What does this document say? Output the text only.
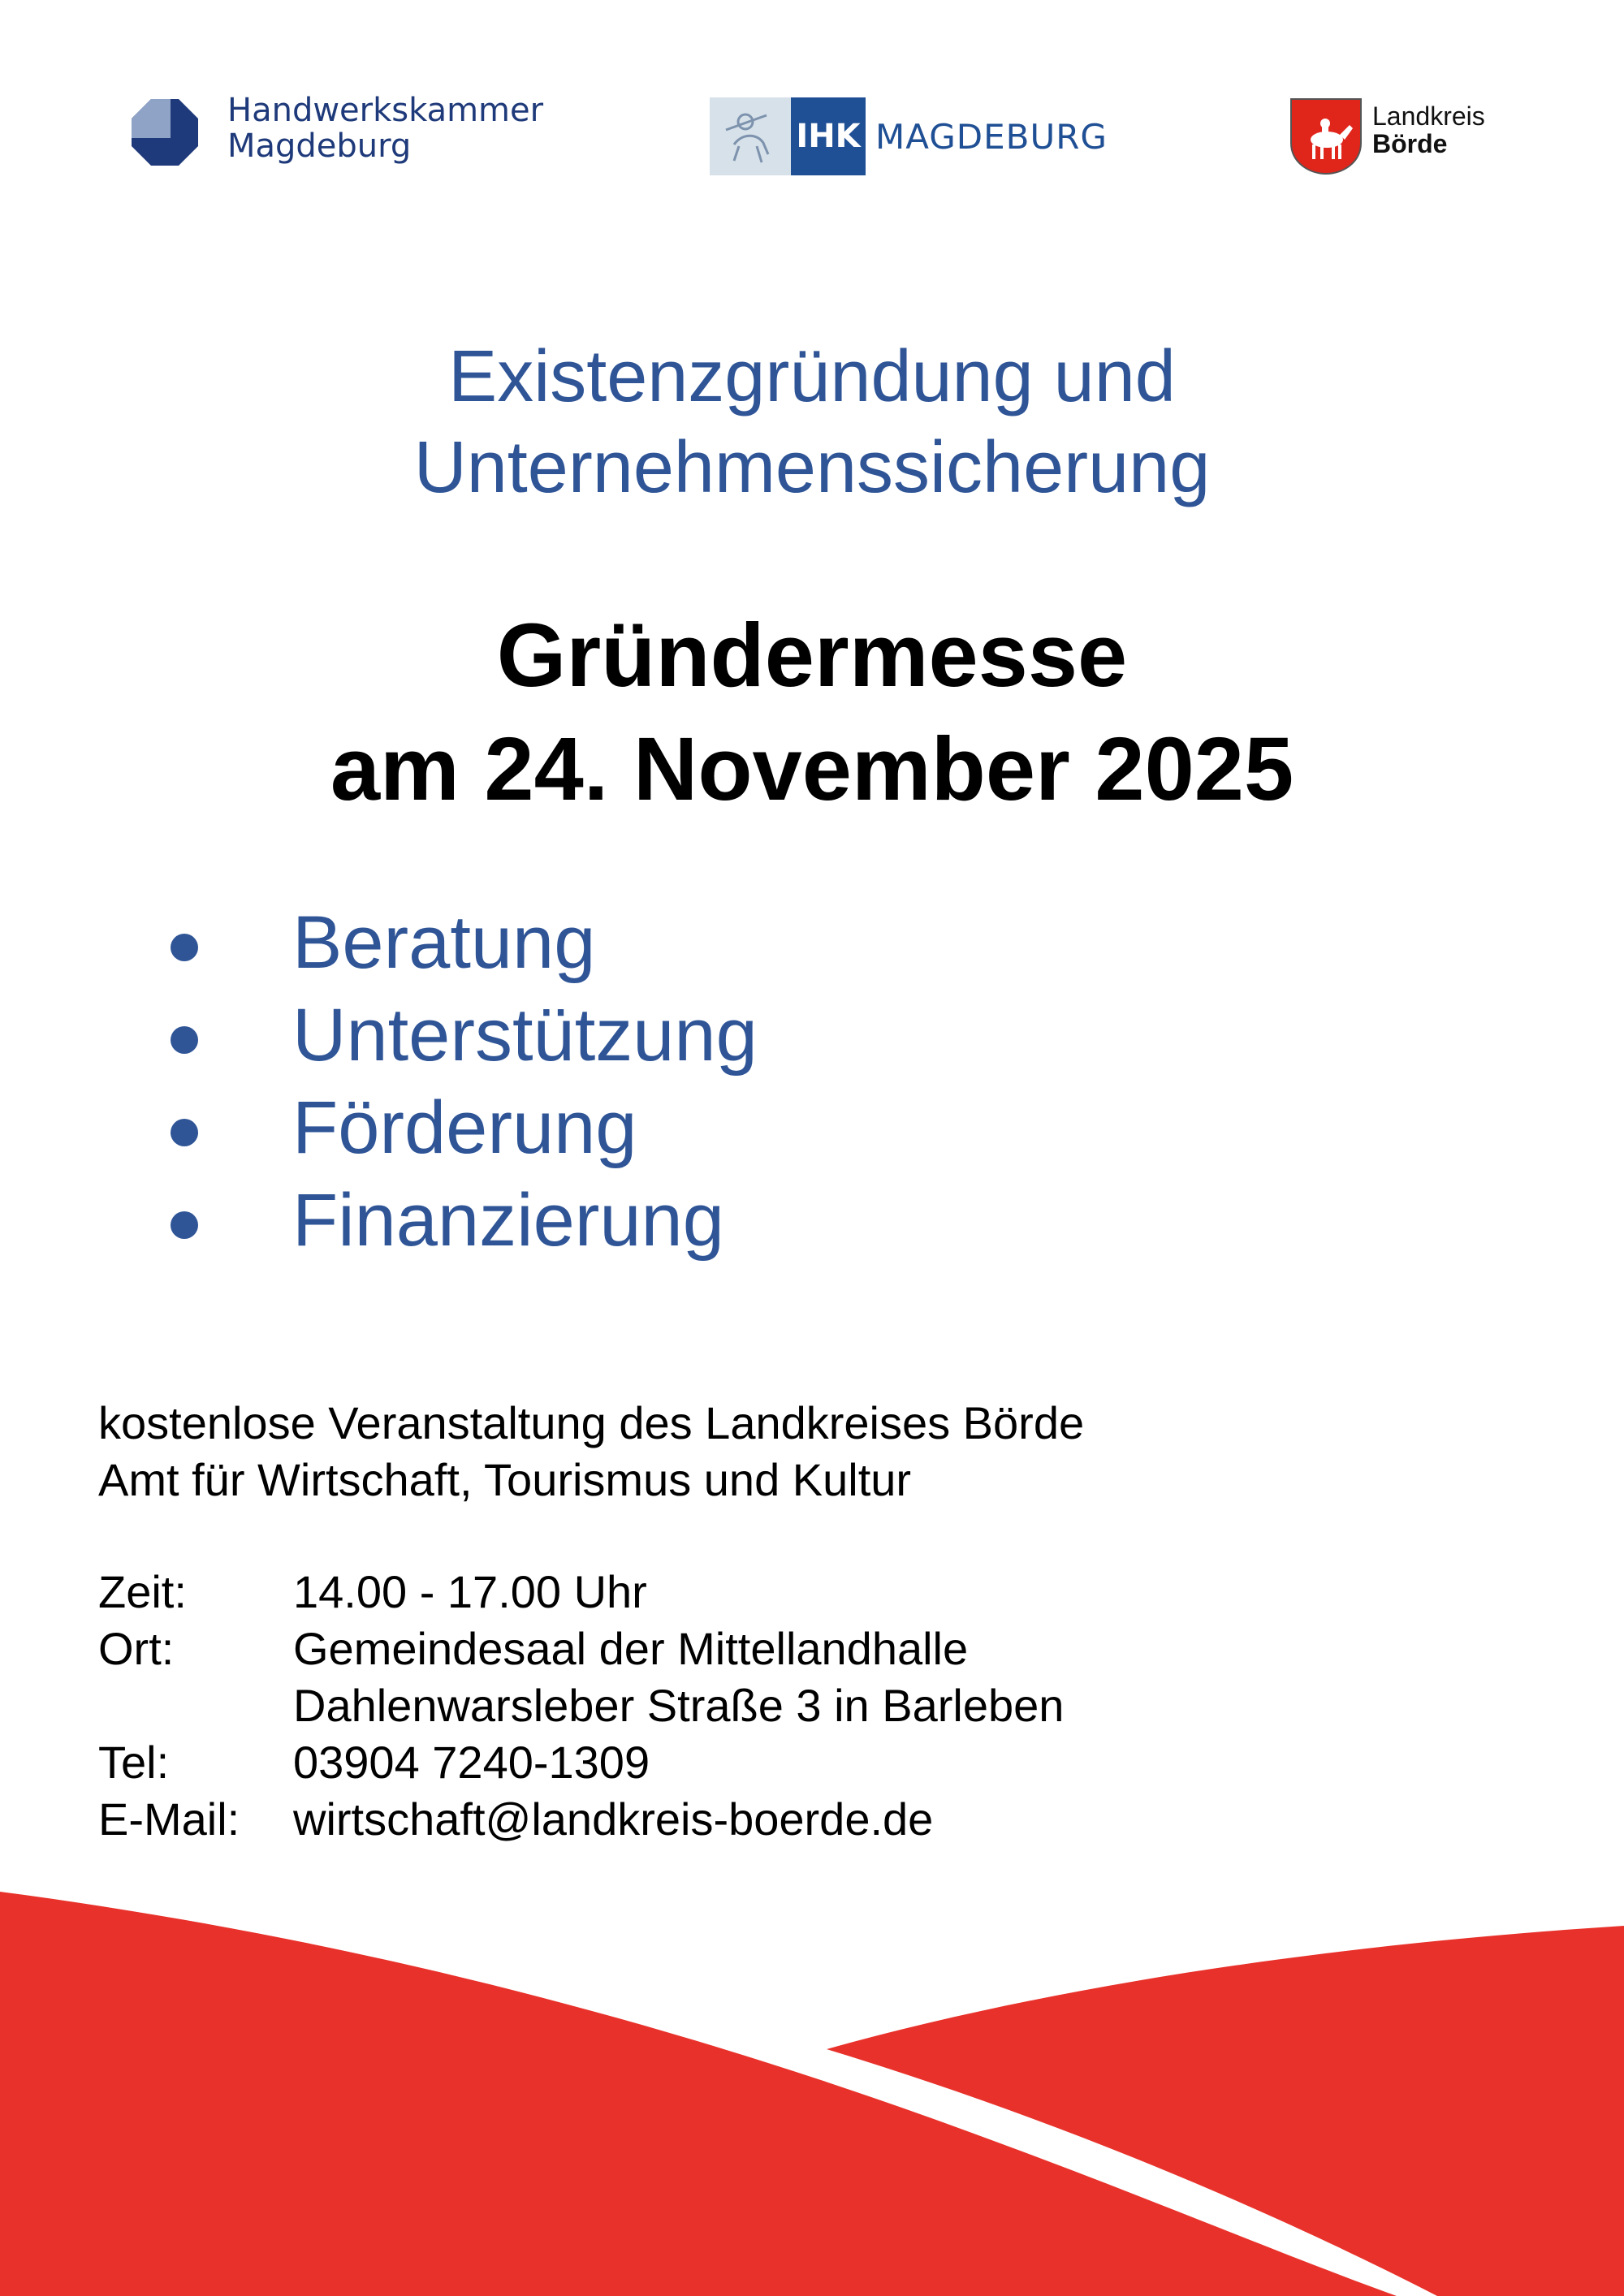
Handwerkskammer
Magdeburg	IHK MAGDEBURG
Landkreis
Börde
Existenzgründung und
Unternehmenssicherung
Gründermesse
am 24. November 2025
Beratung
Unterstützung
Förderung
Finanzierung
kostenlose Veranstaltung des Landkreises Börde
Amt für Wirtschaft, Tourismus und Kultur
Zeit: 14.00 - 17.00 Uhr
Ort:	Gemeindesaal der Mittellandhalle
Dahlenwarsleber Straße 3 in Barleben
Tel:	03904 7240-1309
E-Mail: wirtschaft@landkreis-boerde.de
